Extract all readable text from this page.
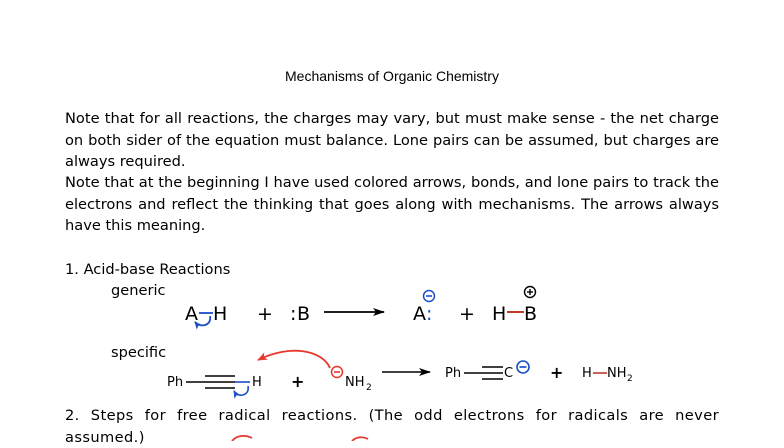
Mechanisms of Organic Chemistry

Note that for all reactions, the charges may vary, but must make sense - the net charge on both sider of the equation must balance. Lone pairs can be assumed, but charges are always required.

Note that at the beginning I have used colored arrows, bonds, and lone pairs to track the electrons and reflect the thinking that goes along with mechanisms. The arrows always have this meaning.

1. Acid-base Reactions
generic
specific
A H + : B	A : + H B
Ph	H +	NH 2
Ph	C + H NH 2

2. Steps for free radical reactions. (The odd electrons for radicals are never assumed.)
